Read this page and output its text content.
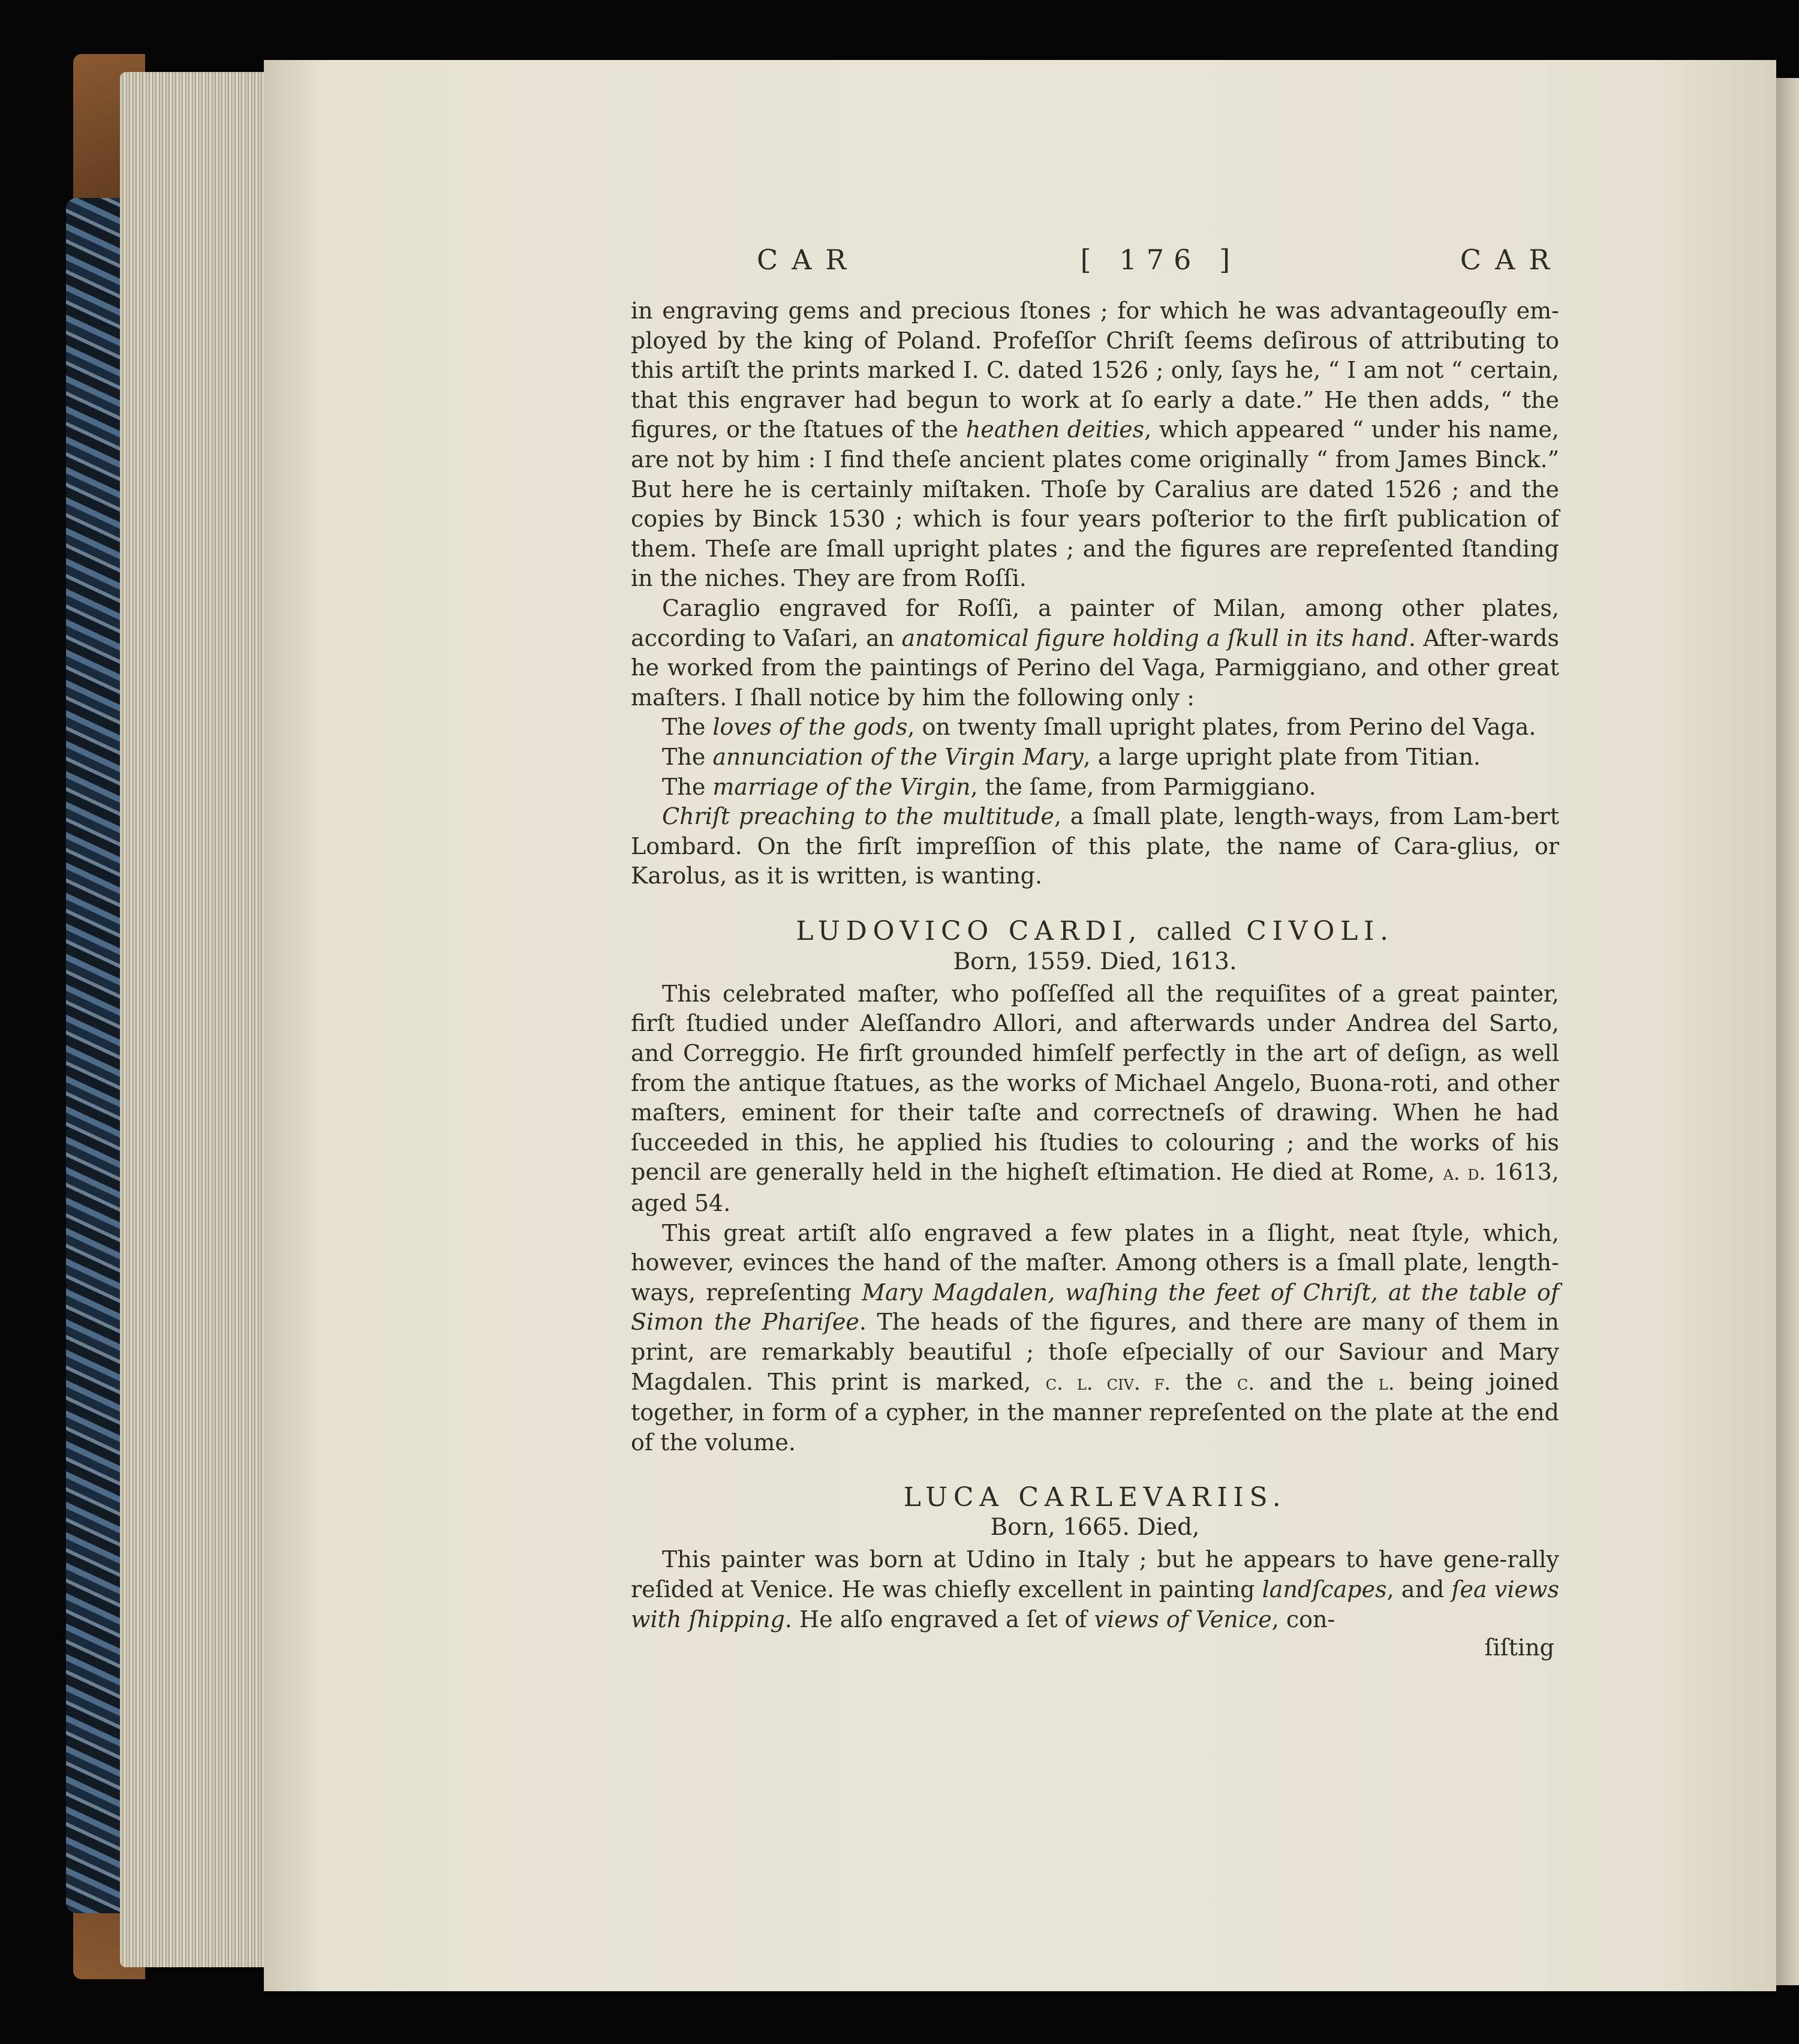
CAR	[ 176 ]	CAR

in engraving gems and precious ſtones ; for which he was advantageouſly em-ployed by the king of Poland. Profeſſor Chriſt ſeems deſirous of attributing to this artiſt the prints marked I. C. dated 1526 ; only, ſays he, “ I am not “ certain, that this engraver had begun to work at ſo early a date.” He then adds, “ the figures, or the ſtatues of the heathen deities, which appeared “ under his name, are not by him : I find theſe ancient plates come originally “ from James Binck.” But here he is certainly miſtaken. Thoſe by Caralius are dated 1526 ; and the copies by Binck 1530 ; which is four years poſterior to the firſt publication of them. Theſe are ſmall upright plates ; and the figures are repreſented ſtanding in the niches. They are from Roſſi.

Caraglio engraved for Roſſi, a painter of Milan, among other plates, according to Vaſari, an anatomical figure holding a ſkull in its hand. After-wards he worked from the paintings of Perino del Vaga, Parmiggiano, and other great maſters. I ſhall notice by him the following only :

The loves of the gods, on twenty ſmall upright plates, from Perino del Vaga.

The annunciation of the Virgin Mary, a large upright plate from Titian.

The marriage of the Virgin, the ſame, from Parmiggiano.

Chriſt preaching to the multitude, a ſmall plate, length-ways, from Lam-bert Lombard. On the firſt impreſſion of this plate, the name of Cara-glius, or Karolus, as it is written, is wanting.

LUDOVICO CARDI, called CIVOLI.
Born, 1559. Died, 1613.

This celebrated maſter, who poſſeſſed all the requiſites of a great painter, firſt ſtudied under Aleſſandro Allori, and afterwards under Andrea del Sarto, and Correggio. He firſt grounded himſelf perfectly in the art of deſign, as well from the antique ſtatues, as the works of Michael Angelo, Buona-roti, and other maſters, eminent for their taſte and correctneſs of drawing. When he had ſucceeded in this, he applied his ſtudies to colouring ; and the works of his pencil are generally held in the higheſt eſtimation. He died at Rome, a. d. 1613, aged 54.

This great artiſt alſo engraved a few plates in a ſlight, neat ſtyle, which, however, evinces the hand of the maſter. Among others is a ſmall plate, length-ways, repreſenting Mary Magdalen, waſhing the feet of Chriſt, at the table of Simon the Phariſee. The heads of the figures, and there are many of them in print, are remarkably beautiful ; thoſe eſpecially of our Saviour and Mary Magdalen. This print is marked, c. l. civ. f. the c. and the l. being joined together, in form of a cypher, in the manner repreſented on the plate at the end of the volume.

LUCA CARLEVARIIS.
Born, 1665. Died,

This painter was born at Udino in Italy ; but he appears to have gene-rally reſided at Venice. He was chiefly excellent in painting landſcapes, and ſea views with ſhipping. He alſo engraved a ſet of views of Venice, con-

ſiſting
